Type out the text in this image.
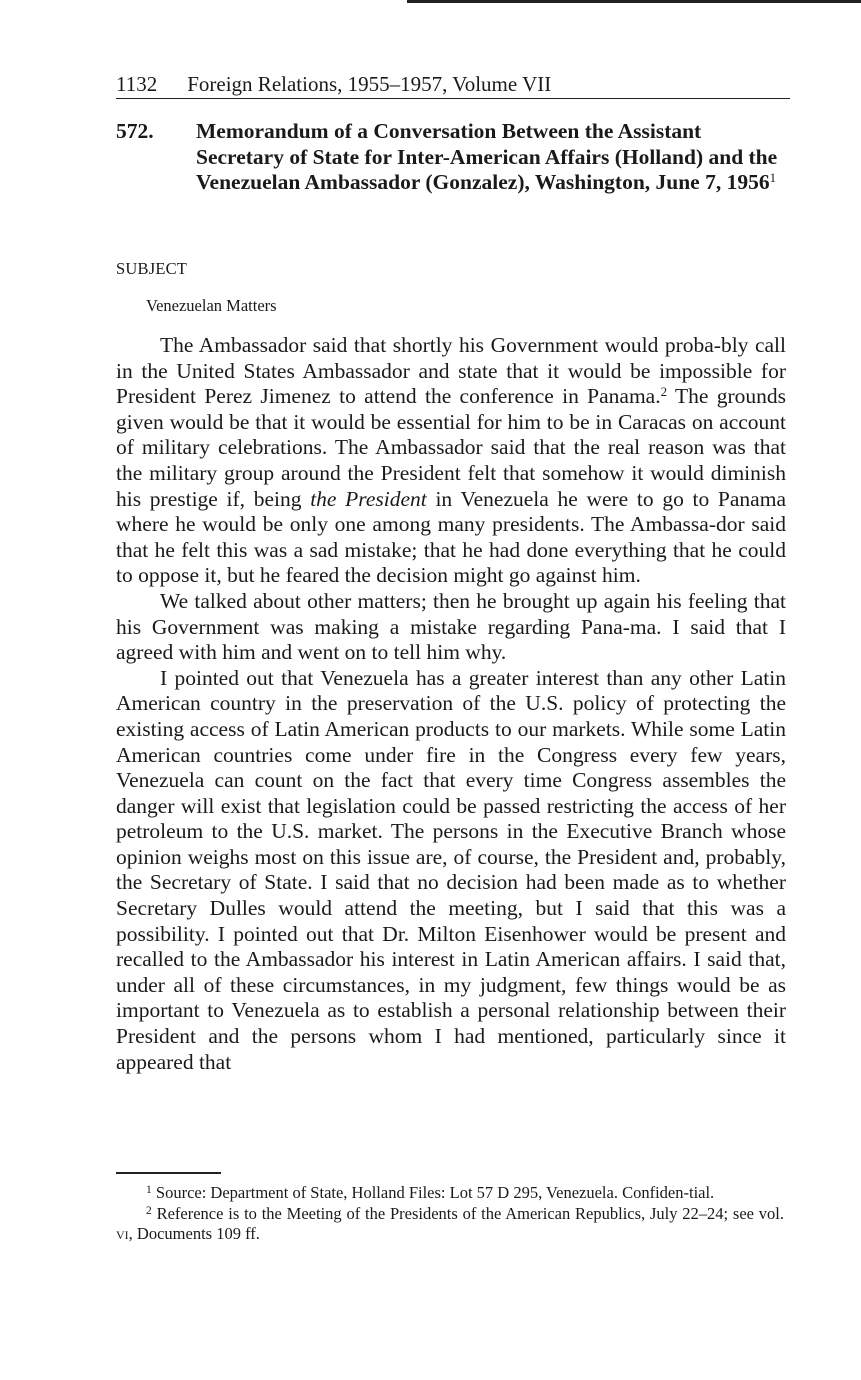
1132 Foreign Relations, 1955–1957, Volume VII
572. Memorandum of a Conversation Between the Assistant Secretary of State for Inter-American Affairs (Holland) and the Venezuelan Ambassador (Gonzalez), Washington, June 7, 1956$^1$
SUBJECT
Venezuelan Matters

The Ambassador said that shortly his Government would proba-bly call in the United States Ambassador and state that it would be impossible for President Perez Jimenez to attend the conference in Panama.$^2$ The grounds given would be that it would be essential for him to be in Caracas on account of military celebrations. The Ambassador said that the real reason was that the military group around the President felt that somehow it would diminish his prestige if, being the President in Venezuela he were to go to Panama where he would be only one among many presidents. The Ambassa-dor said that he felt this was a sad mistake; that he had done everything that he could to oppose it, but he feared the decision might go against him.

We talked about other matters; then he brought up again his feeling that his Government was making a mistake regarding Pana-ma. I said that I agreed with him and went on to tell him why.

I pointed out that Venezuela has a greater interest than any other Latin American country in the preservation of the U.S. policy of protecting the existing access of Latin American products to our markets. While some Latin American countries come under fire in the Congress every few years, Venezuela can count on the fact that every time Congress assembles the danger will exist that legislation could be passed restricting the access of her petroleum to the U.S. market. The persons in the Executive Branch whose opinion weighs most on this issue are, of course, the President and, probably, the Secretary of State. I said that no decision had been made as to whether Secretary Dulles would attend the meeting, but I said that this was a possibility. I pointed out that Dr. Milton Eisenhower would be present and recalled to the Ambassador his interest in Latin American affairs. I said that, under all of these circumstances, in my judgment, few things would be as important to Venezuela as to establish a personal relationship between their President and the persons whom I had mentioned, particularly since it appeared that

$^1$ Source: Department of State, Holland Files: Lot 57 D 295, Venezuela. Confiden-tial.

$^2$ Reference is to the Meeting of the Presidents of the American Republics, July 22–24; see vol. vi, Documents 109 ff.
